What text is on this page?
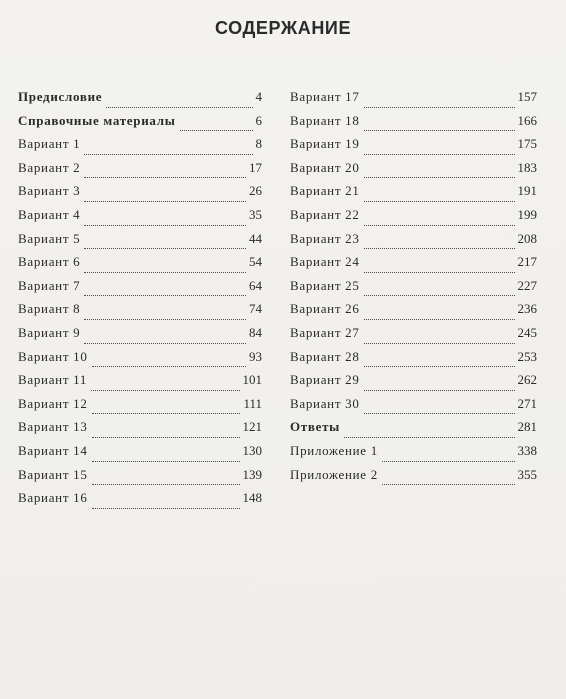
СОДЕРЖАНИЕ
Предисловие	4
Справочные материалы	6
Вариант 1	8
Вариант 2	17
Вариант 3	26
Вариант 4	35
Вариант 5	44
Вариант 6	54
Вариант 7	64
Вариант 8	74
Вариант 9	84
Вариант 10	93
Вариант 11	101
Вариант 12	111
Вариант 13	121
Вариант 14	130
Вариант 15	139
Вариант 16	148
Вариант 17	157
Вариант 18	166
Вариант 19	175
Вариант 20	183
Вариант 21	191
Вариант 22	199
Вариант 23	208
Вариант 24	217
Вариант 25	227
Вариант 26	236
Вариант 27	245
Вариант 28	253
Вариант 29	262
Вариант 30	271
Ответы	281
Приложение 1	338
Приложение 2	355
